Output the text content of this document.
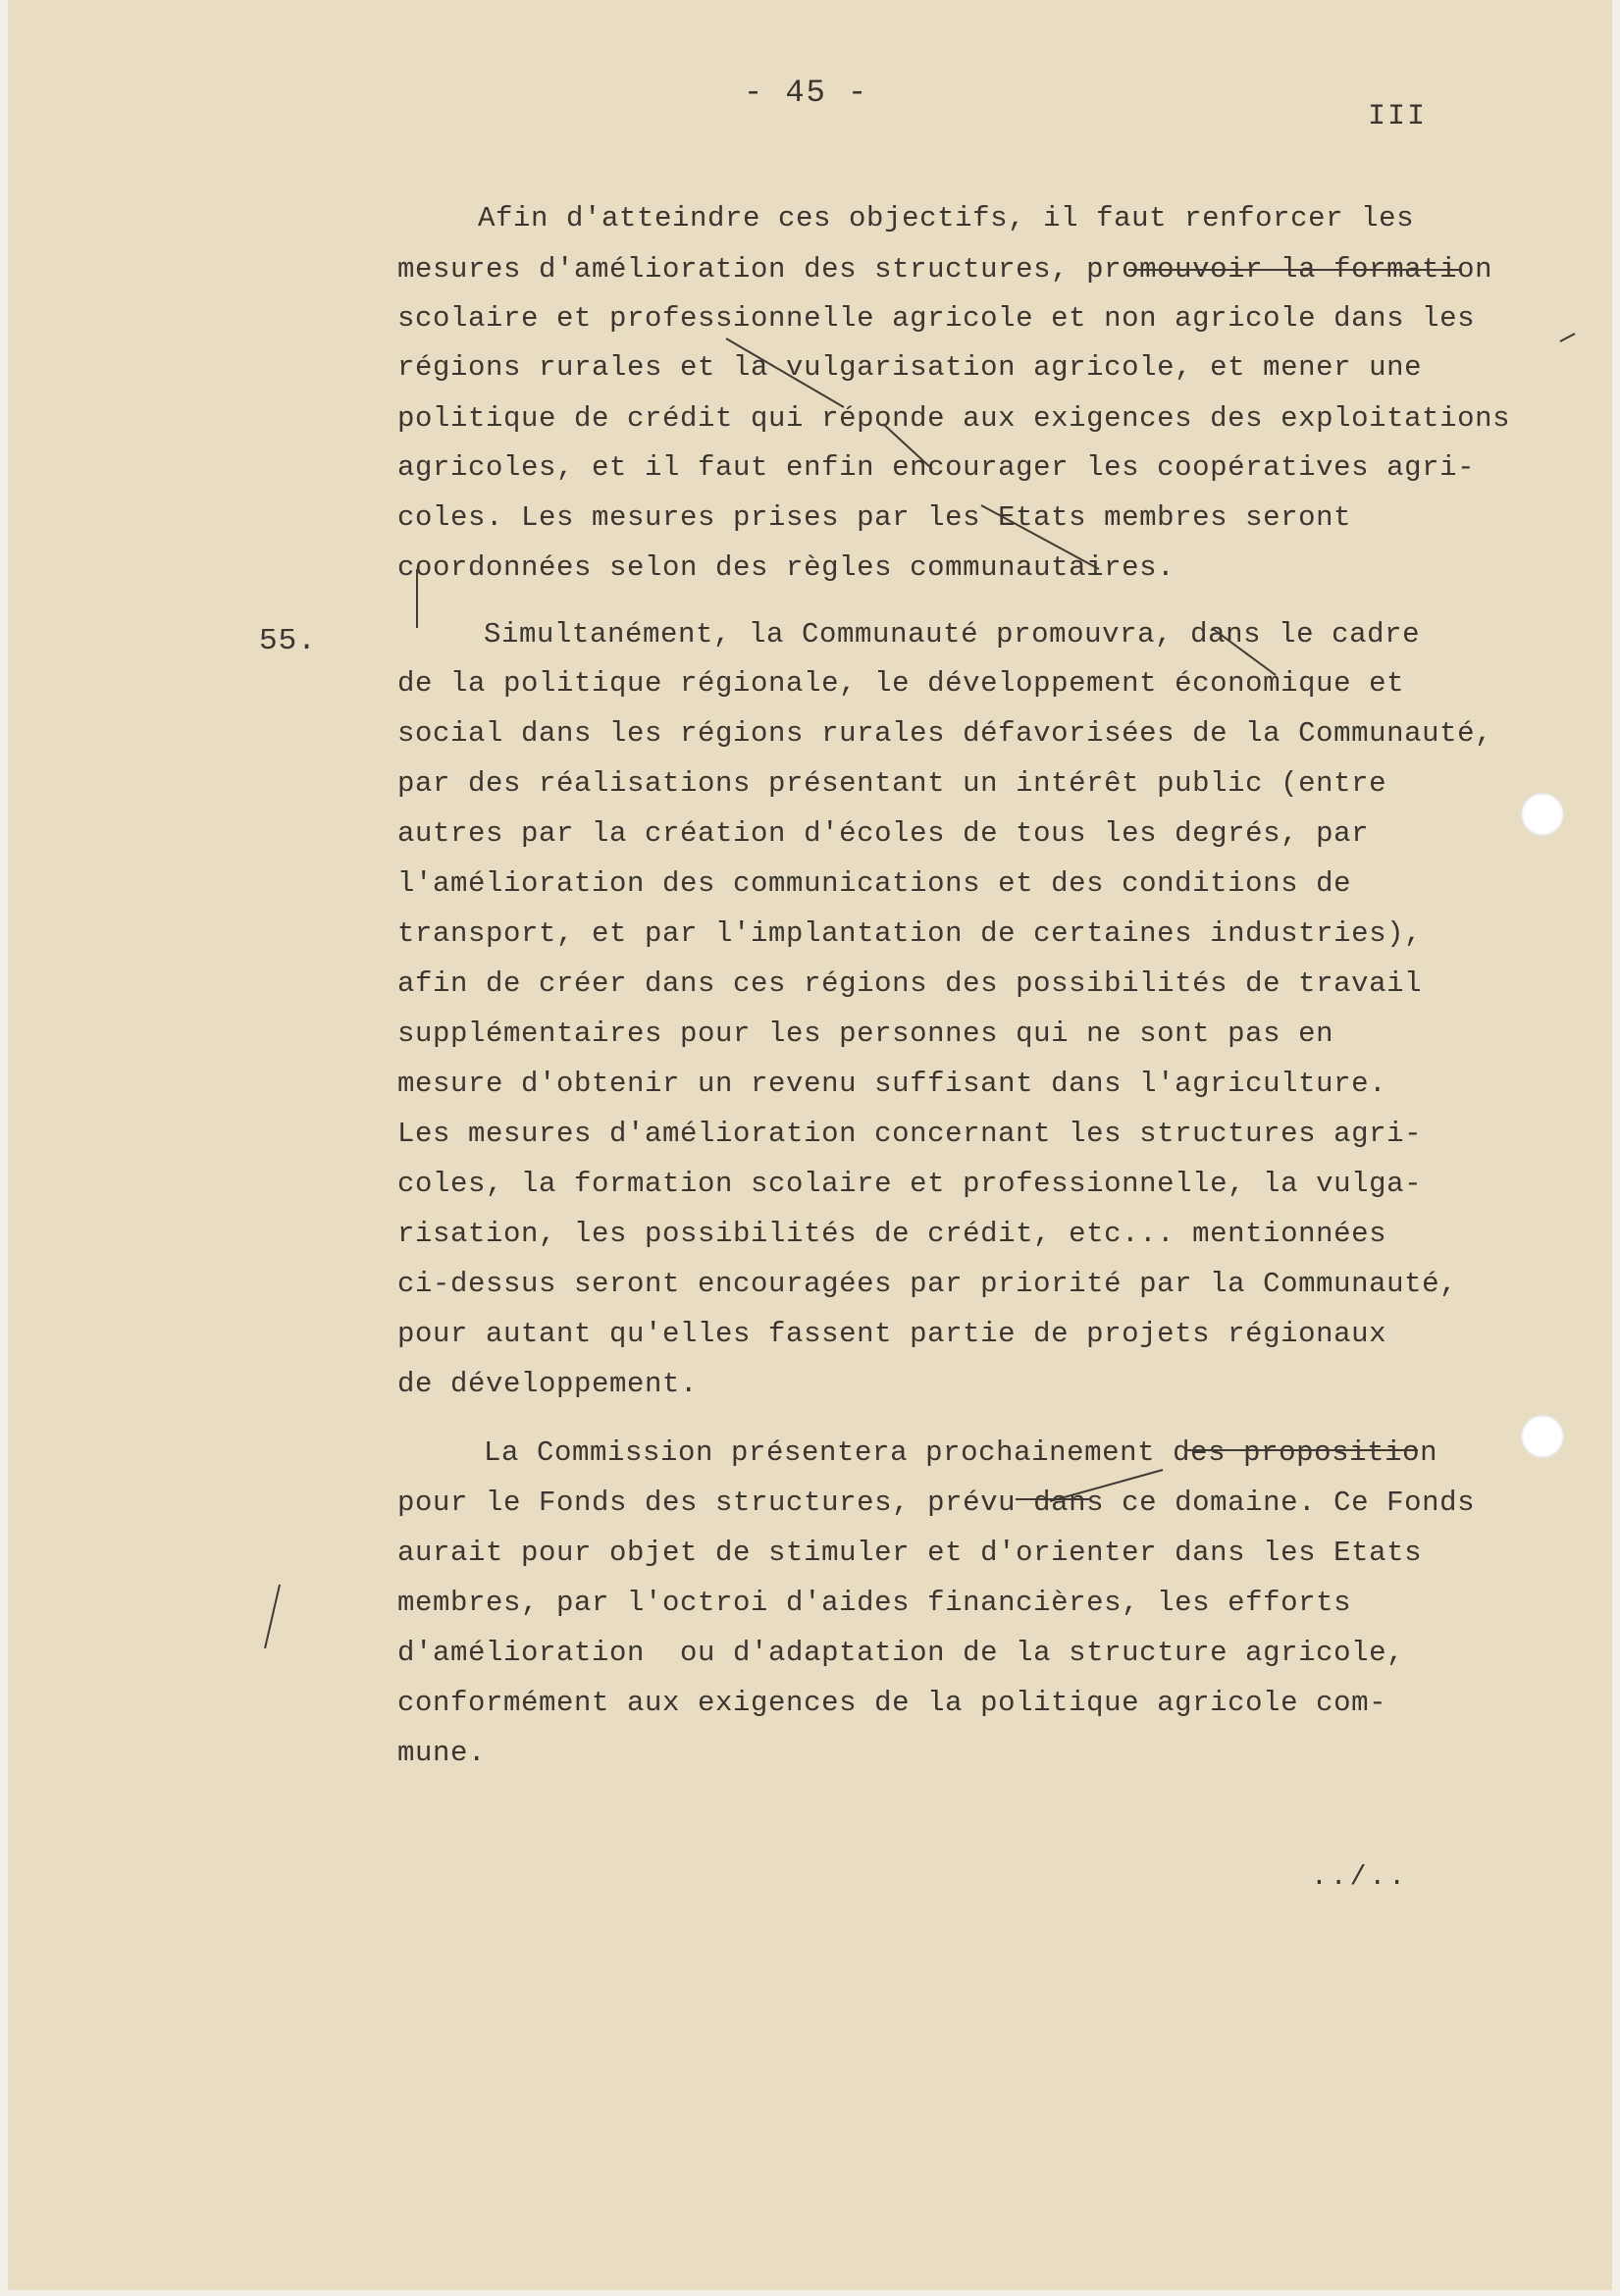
- 45 -
III
Afin d'atteindre ces objectifs, il faut renforcer les
mesures d'amélioration des structures, promouvoir la formation
scolaire et professionnelle agricole et non agricole dans les
régions rurales et la vulgarisation agricole, et mener une
politique de crédit qui réponde aux exigences des exploitations
agricoles, et il faut enfin encourager les coopératives agri-
coles. Les mesures prises par les Etats membres seront
coordonnées selon des règles communautaires.
55.	Simultanément, la Communauté promouvra, dans le cadre
de la politique régionale, le développement économique et
social dans les régions rurales défavorisées de la Communauté,
par des réalisations présentant un intérêt public (entre
autres par la création d'écoles de tous les degrés, par
l'amélioration des communications et des conditions de
transport, et par l'implantation de certaines industries),
afin de créer dans ces régions des possibilités de travail
supplémentaires pour les personnes qui ne sont pas en
mesure d'obtenir un revenu suffisant dans l'agriculture.
Les mesures d'amélioration concernant les structures agri-
coles, la formation scolaire et professionnelle, la vulga-
risation, les possibilités de crédit, etc... mentionnées
ci-dessus seront encouragées par priorité par la Communauté,
pour autant qu'elles fassent partie de projets régionaux
de développement.
La Commission présentera prochainement des proposition
pour le Fonds des structures, prévu dans ce domaine. Ce Fonds
aurait pour objet de stimuler et d'orienter dans les Etats
membres, par l'octroi d'aides financières, les efforts
d'amélioration  ou d'adaptation de la structure agricole,
conformément aux exigences de la politique agricole com-
mune.
../..
